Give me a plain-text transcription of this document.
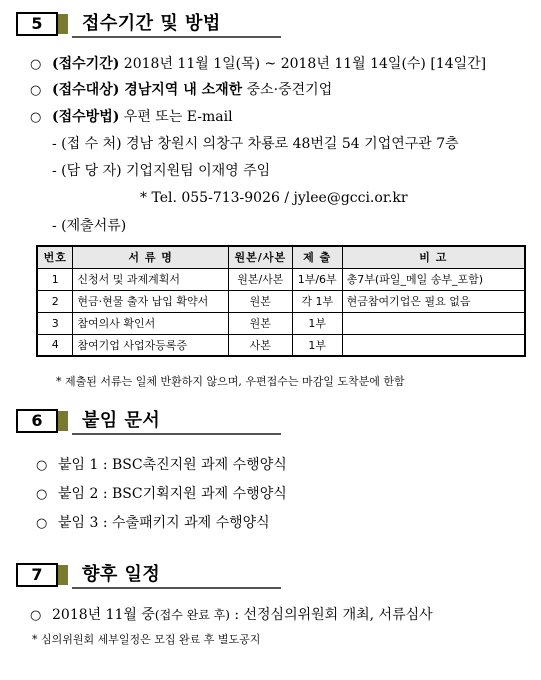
5	접수기간 및 방법
○ (접수기간) 2018년 11월 1일(목) ~ 2018년 11월 14일(수) [14일간]
○ (접수대상) 경남지역 내 소재한 중소·중견기업
○ (접수방법) 우편 또는 E-mail
- (접 수 처) 경남 창원시 의창구 차룡로 48번길 54 기업연구관 7층
- (담 당 자) 기업지원팀 이재영 주임
* Tel. 055-713-9026 / jylee@gcci.or.kr
- (제출서류)
번호	서 류 명	원본/사본	제 출	비 고
1	신청서 및 과제계획서	원본/사본	1부/6부	총7부(파일_메일 송부_포함)
2	현금·현물 출자 납입 확약서	원본	각 1부	현금참여기업은 필요 없음
3	참여의사 확인서	원본	1부	
4	참여기업 사업자등록증	사본	1부	
* 제출된 서류는 일체 반환하지 않으며, 우편접수는 마감일 도착분에 한함
6	붙임 문서
○ 붙임 1 : BSC촉진지원 과제 수행양식
○ 붙임 2 : BSC기획지원 과제 수행양식
○ 붙임 3 : 수출패키지 과제 수행양식
7	향후 일정
○ 2018년 11월 중(접수 완료 후) : 선정심의위원회 개최, 서류심사
* 심의위원회 세부일정은 모집 완료 후 별도공지
